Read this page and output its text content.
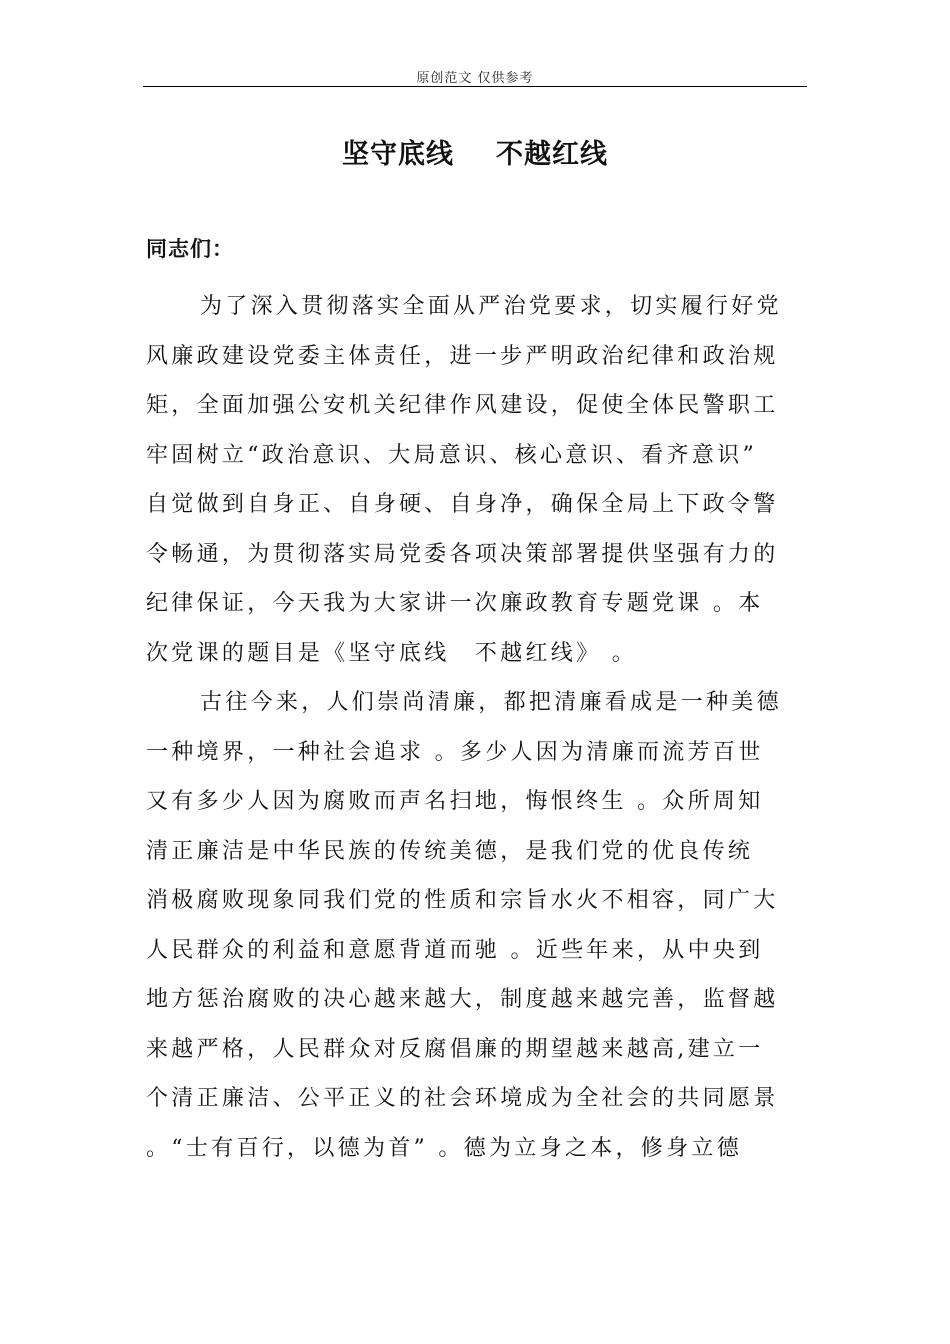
原创范文 仅供参考
坚守底线 不越红线
同志们：
为了深入贯彻落实全面从严治党要求，切实履行好党
风廉政建设党委主体责任，进一步严明政治纪律和政治规
矩，全面加强公安机关纪律作风建设，促使全体民警职工
牢固树立“政治意识、大局意识、核心意识、看齐意识”
自觉做到自身正、自身硬、自身净，确保全局上下政令警
令畅通，为贯彻落实局党委各项决策部署提供坚强有力的
纪律保证，今天我为大家讲一次廉政教育专题党课 。本
次党课的题目是《坚守底线　不越红线》 。
古往今来，人们崇尚清廉，都把清廉看成是一种美德
一种境界，一种社会追求 。多少人因为清廉而流芳百世
又有多少人因为腐败而声名扫地，悔恨终生 。众所周知
清正廉洁是中华民族的传统美德，是我们党的优良传统
消极腐败现象同我们党的性质和宗旨水火不相容，同广大
人民群众的利益和意愿背道而驰 。近些年来，从中央到
地方惩治腐败的决心越来越大，制度越来越完善，监督越
来越严格，人民群众对反腐倡廉的期望越来越高,建立一
个清正廉洁、公平正义的社会环境成为全社会的共同愿景
。“士有百行，以德为首” 。德为立身之本，修身立德
